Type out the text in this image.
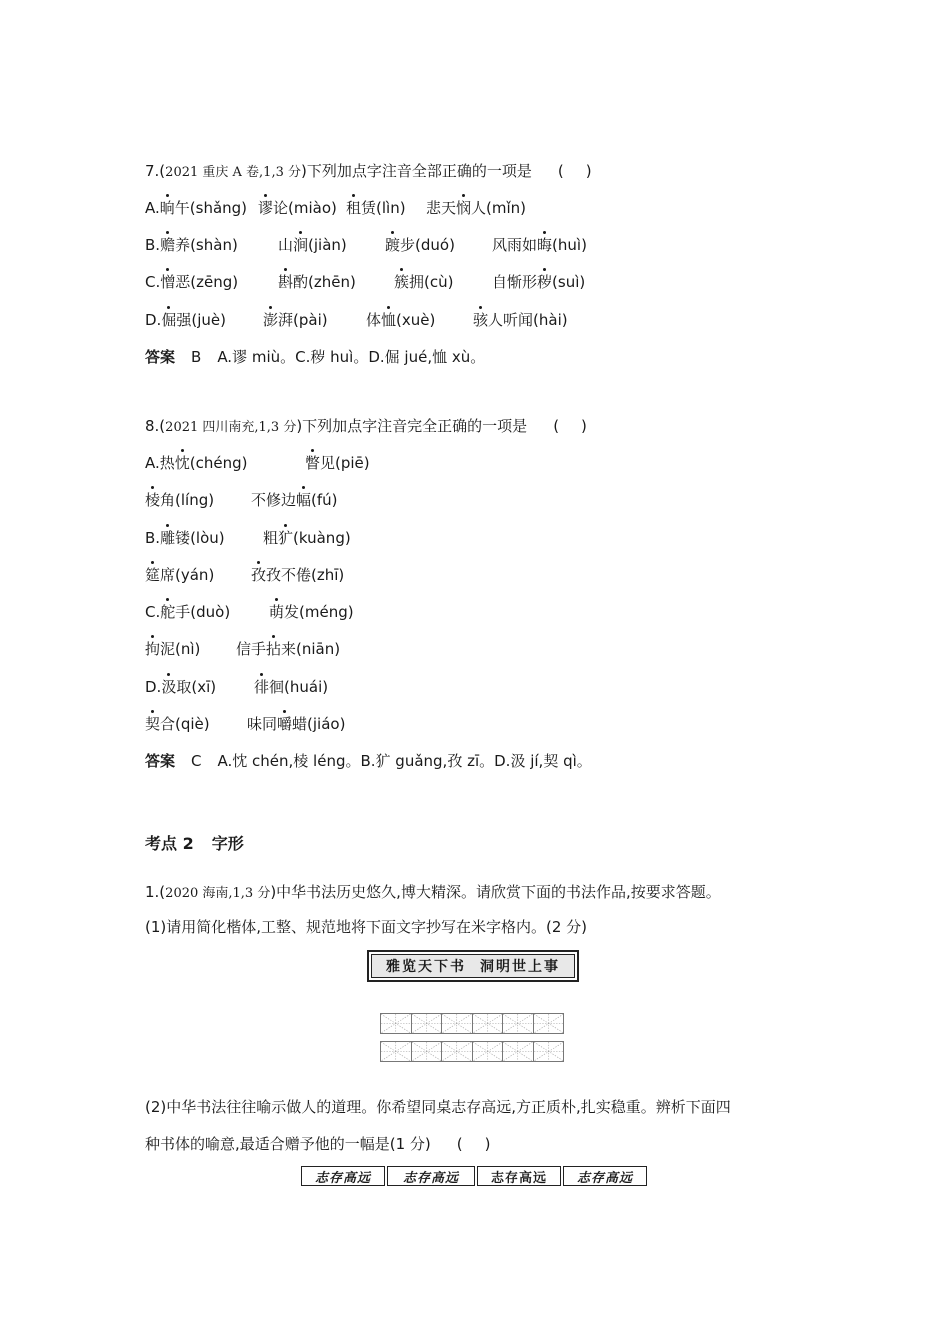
7.(2021 重庆 A 卷,1,3 分)下列加点字注音全部正确的一项是 ()
A.晌午(shǎng) 谬论(miào) 租赁(lìn) 悲天悯人(mǐn)
B.赡养(shàn)	山涧(jiàn)	踱步(duó) 风雨如晦(huì)
C.憎恶(zēng)	斟酌(zhēn)	簇拥(cù)	自惭形秽(suì)
D.倔强(juè) 澎湃(pài)	体恤(xuè)	骇人听闻(hài)
答案 B A.谬 miù。C.秽 huì。D.倔 jué,恤 xù。
8.(2021 四川南充,1,3 分)下列加点字注音完全正确的一项是 ()
A.热忱(chéng)	瞥见(piē)
棱角(líng) 不修边幅(fú)
B.雕镂(lòu)	粗犷(kuàng)
筵席(yán) 孜孜不倦(zhī)
C.舵手(duò)	萌发(méng)
拘泥(nì) 信手拈来(niān)
D.汲取(xī)	徘徊(huái)
契合(qiè) 味同嚼蜡(jiáo)
答案 C A.忱 chén,棱 léng。B.犷 guǎng,孜 zī。D.汲 jí,契 qì。
考点 2 字形
1.(2020 海南,1,3 分)中华书法历史悠久,博大精深。请欣赏下面的书法作品,按要求答题。
(1)请用简化楷体,工整、规范地将下面文字抄写在米字格内。(2 分)
雅览天下书 洞明世上事
(2)中华书法往往喻示做人的道理。你希望同桌志存高远,方正质朴,扎实稳重。辨析下面四
种书体的喻意,最适合赠予他的一幅是(1 分) ()
志存高远	志存高远	志存高远	志存高远
